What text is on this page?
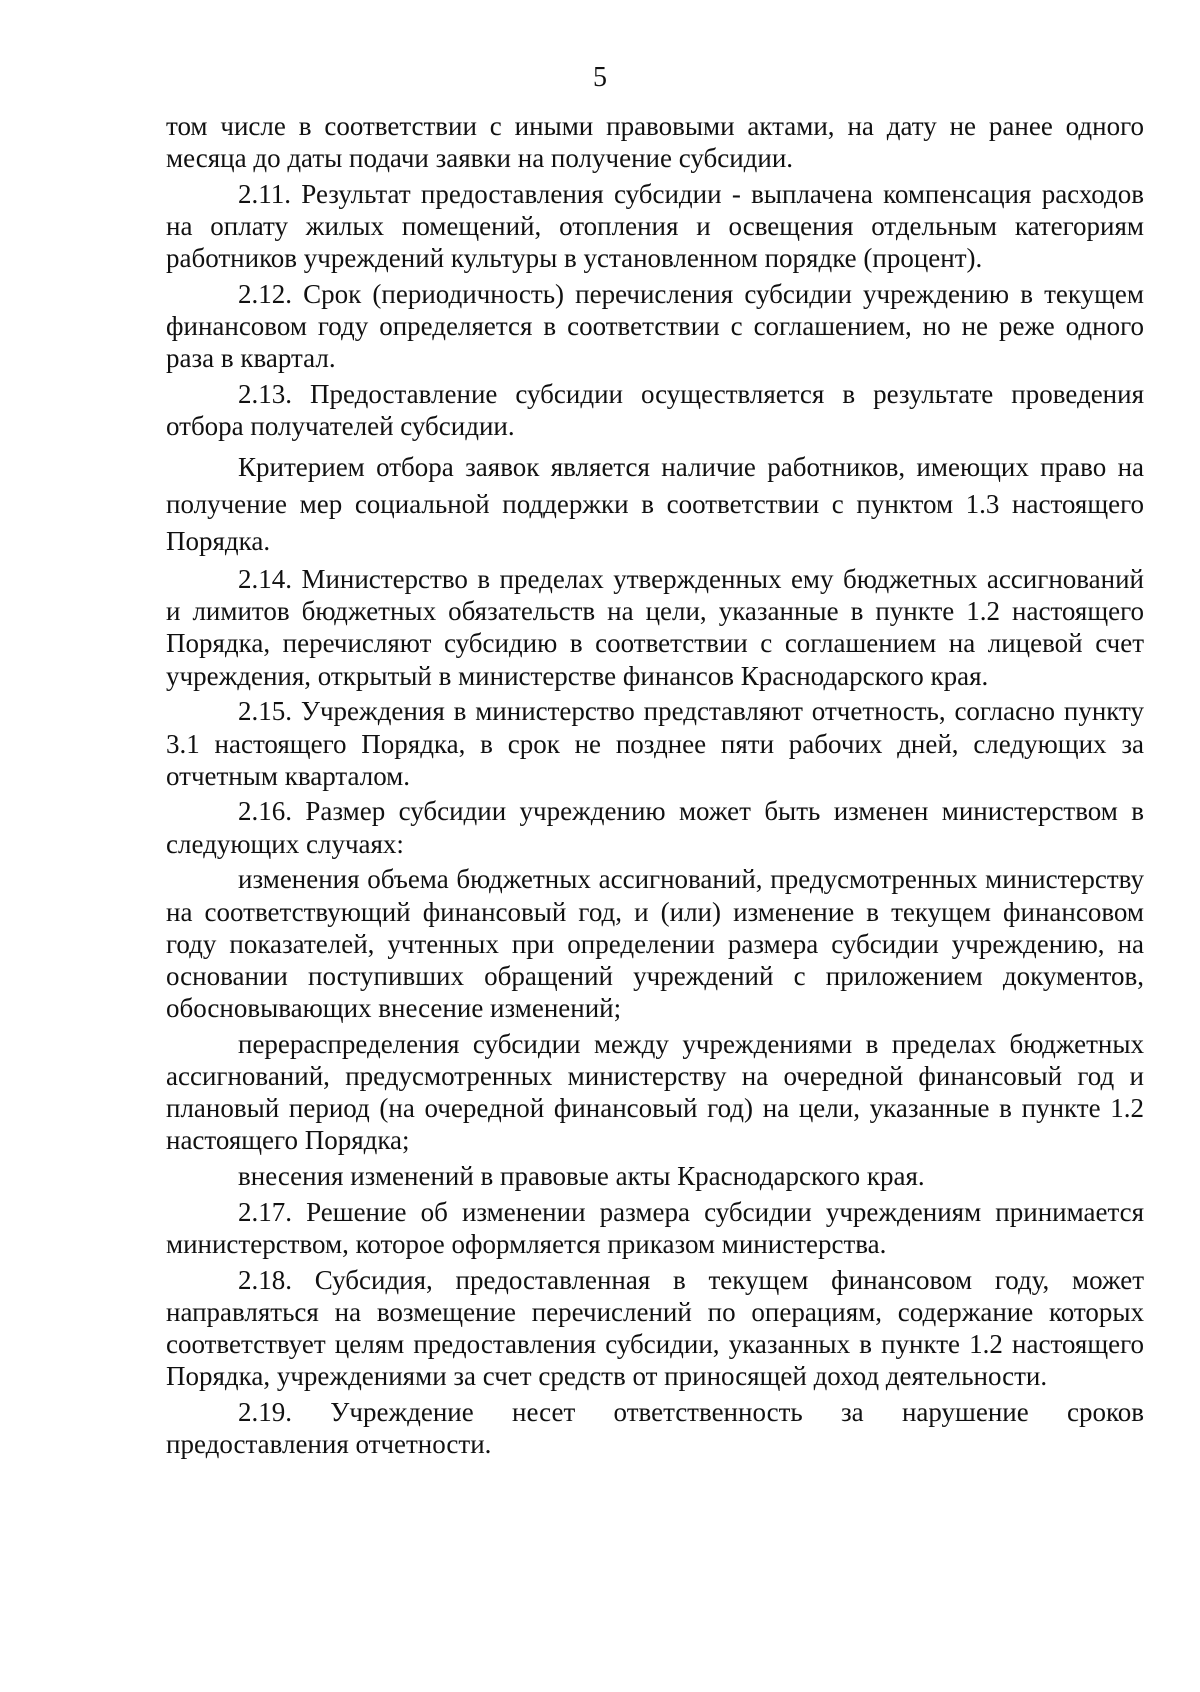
5

том числе в соответствии с иными правовыми актами, на дату не ранее одного месяца до даты подачи заявки на получение субсидии.

2.11. Результат предоставления субсидии - выплачена компенсация расходов на оплату жилых помещений, отопления и освещения отдельным категориям работников учреждений культуры в установленном порядке (процент).

2.12. Срок (периодичность) перечисления субсидии учреждению в текущем финансовом году определяется в соответствии с соглашением, но не реже одного раза в квартал.

2.13. Предоставление субсидии осуществляется в результате проведения отбора получателей субсидии.

Критерием отбора заявок является наличие работников, имеющих право на получение мер социальной поддержки в соответствии с пунктом 1.3 настоящего Порядка.

2.14. Министерство в пределах утвержденных ему бюджетных ассигнований и лимитов бюджетных обязательств на цели, указанные в пункте 1.2 настоящего Порядка, перечисляют субсидию в соответствии с соглашением на лицевой счет учреждения, открытый в министерстве финансов Краснодарского края.

2.15. Учреждения в министерство представляют отчетность, согласно пункту 3.1 настоящего Порядка, в срок не позднее пяти рабочих дней, следующих за отчетным кварталом.

2.16. Размер субсидии учреждению может быть изменен министерством в следующих случаях:

изменения объема бюджетных ассигнований, предусмотренных министерству на соответствующий финансовый год, и (или) изменение в текущем финансовом году показателей, учтенных при определении размера субсидии учреждению, на основании поступивших обращений учреждений с приложением документов, обосновывающих внесение изменений;

перераспределения субсидии между учреждениями в пределах бюджетных ассигнований, предусмотренных министерству на очередной финансовый год и плановый период (на очередной финансовый год) на цели, указанные в пункте 1.2 настоящего Порядка;

внесения изменений в правовые акты Краснодарского края.

2.17. Решение об изменении размера субсидии учреждениям принимается министерством, которое оформляется приказом министерства.

2.18. Субсидия, предоставленная в текущем финансовом году, может направляться на возмещение перечислений по операциям, содержание которых соответствует целям предоставления субсидии, указанных в пункте 1.2 настоящего Порядка, учреждениями за счет средств от приносящей доход деятельности.

2.19. Учреждение несет ответственность за нарушение сроков предоставления отчетности.
